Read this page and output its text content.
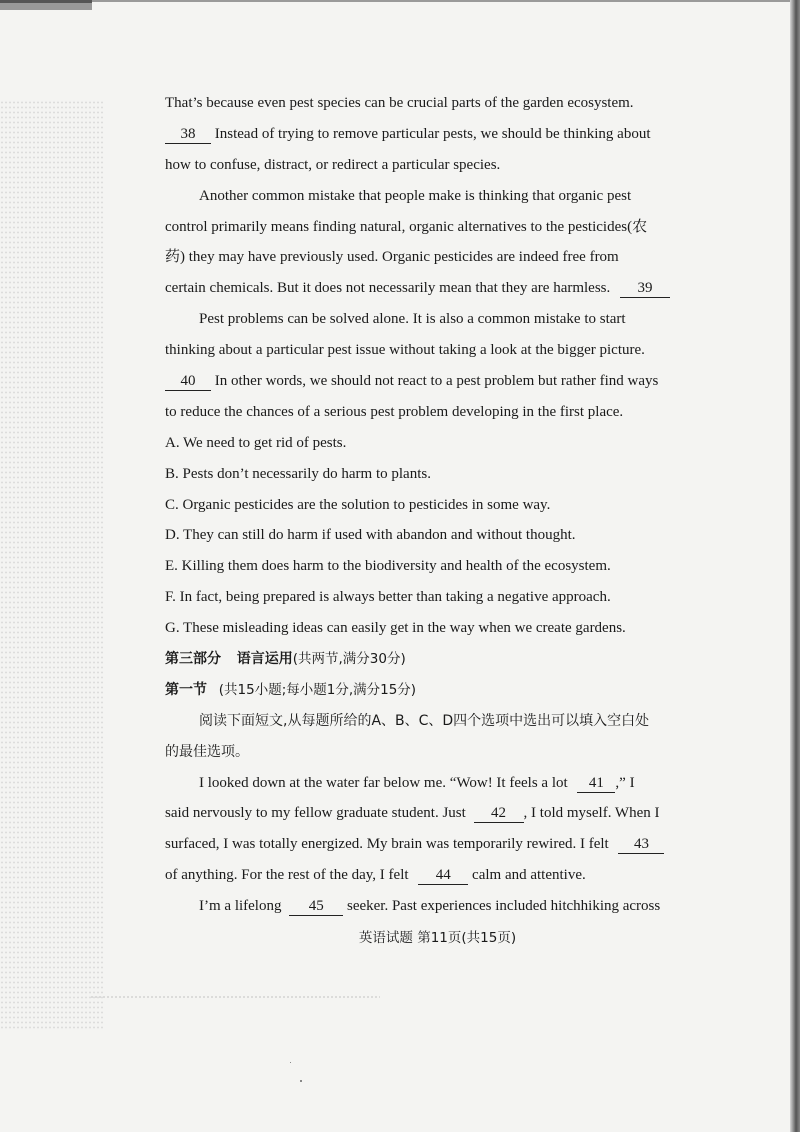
That’s because even pest species can be crucial parts of the garden ecosystem.
38 Instead of trying to remove particular pests, we should be thinking about
how to confuse, distract, or redirect a particular species.
Another common mistake that people make is thinking that organic pest
control primarily means finding natural, organic alternatives to the pesticides(农
药) they may have previously used. Organic pesticides are indeed free from
certain chemicals. But it does not necessarily mean that they are harmless. 39
Pest problems can be solved alone. It is also a common mistake to start
thinking about a particular pest issue without taking a look at the bigger picture.
40 In other words, we should not react to a pest problem but rather find ways
to reduce the chances of a serious pest problem developing in the first place.
A. We need to get rid of pests.
B. Pests don’t necessarily do harm to plants.
C. Organic pesticides are the solution to pesticides in some way.
D. They can still do harm if used with abandon and without thought.
E. Killing them does harm to the biodiversity and health of the ecosystem.
F. In fact, being prepared is always better than taking a negative approach.
G. These misleading ideas can easily get in the way when we create gardens.
第三部分 语言运用(共两节,满分30分)
第一节 (共15小题;每小题1分,满分15分)
阅读下面短文,从每题所给的A、B、C、D四个选项中选出可以填入空白处
的最佳选项。
I looked down at the water far below me. “Wow! It feels a lot 41 ,” I
said nervously to my fellow graduate student. Just 42 , I told myself. When I
surfaced, I was totally energized. My brain was temporarily rewired. I felt 43
of anything. For the rest of the day, I felt 44 calm and attentive.
I’m a lifelong 45 seeker. Past experiences included hitchhiking across
英语试题 第11页(共15页)
